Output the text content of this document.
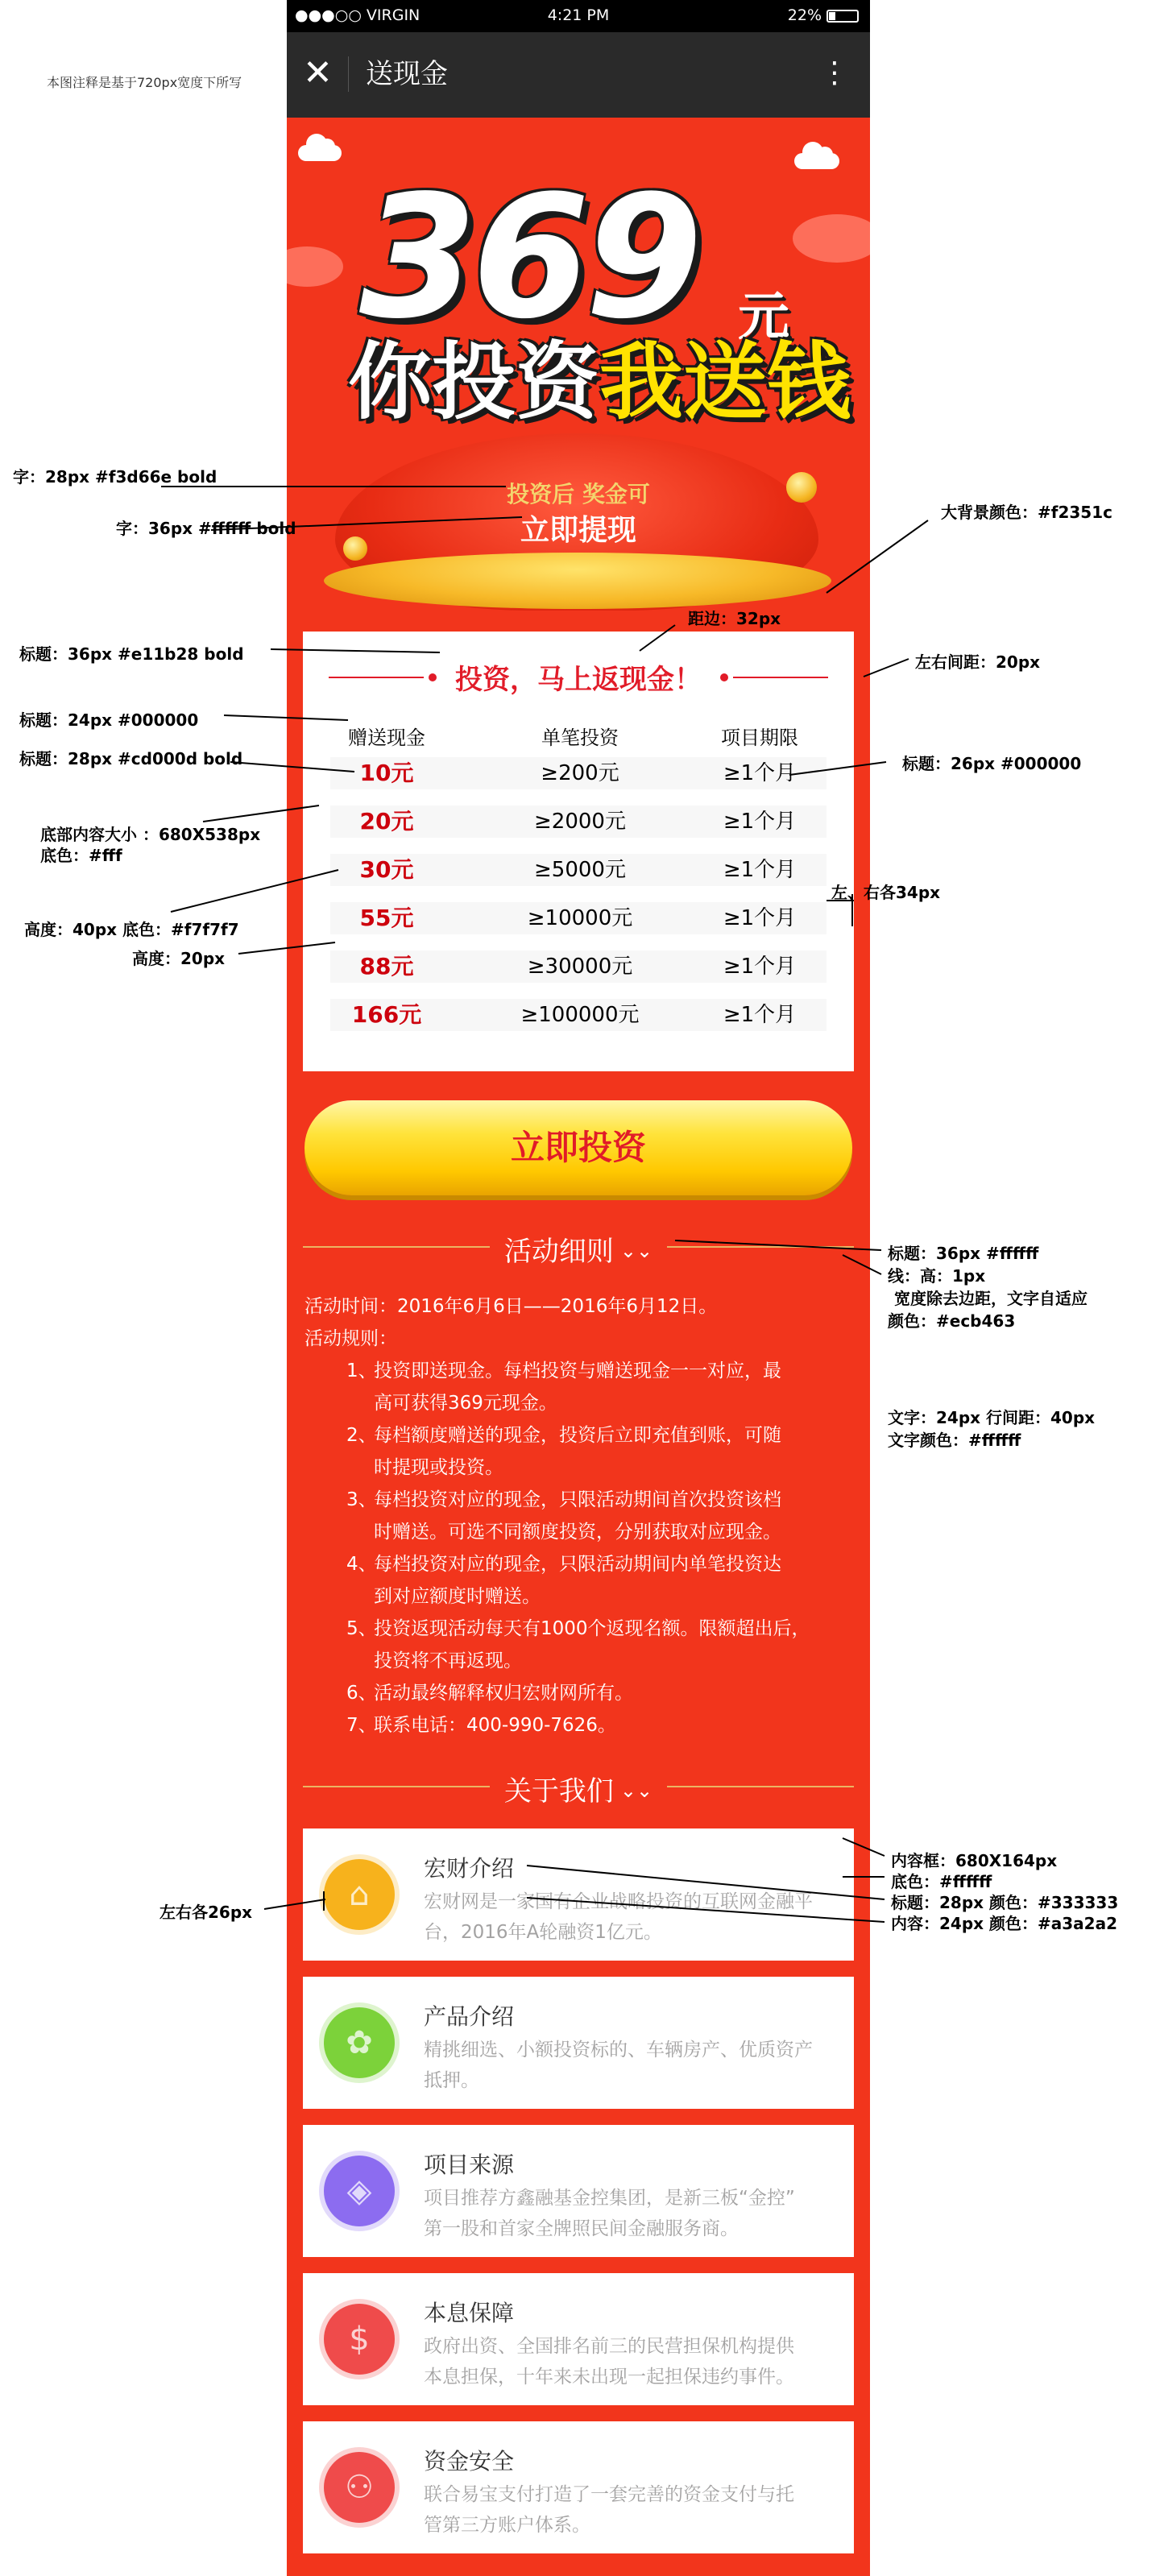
本图注释是基于720px宽度下所写
●●●○○ VIRGIN	4:21 PM	22%
✕ 送现金	⋮
369 元
你投资我送钱
投资后 奖金可
立即提现
投资，马上返现金！
赠送现金	单笔投资	项目期限
10元	≥200元	≥1个月
20元	≥2000元	≥1个月
30元	≥5000元	≥1个月
55元	≥10000元	≥1个月
88元	≥30000元	≥1个月
166元	≥100000元	≥1个月
立即投资
活动细则 ⌄⌄
活动时间：2016年6月6日——2016年6月12日。
活动规则：
1、
投资即送现金。每档投资与赠送现金一一对应，最
高可获得369元现金。
2、
每档额度赠送的现金，投资后立即充值到账，可随
时提现或投资。
3、
每档投资对应的现金，只限活动期间首次投资该档
时赠送。可选不同额度投资，分别获取对应现金。
4、
每档投资对应的现金，只限活动期间内单笔投资达
到对应额度时赠送。
5、
投资返现活动每天有1000个返现名额。限额超出后，
投资将不再返现。
6、
活动最终解释权归宏财网所有。
7、
联系电话：400-990-7626。
关于我们 ⌄⌄
⌂
宏财介绍
宏财网是一家国有企业战略投资的互联网金融平
台，2016年A轮融资1亿元。
✿
产品介绍
精挑细选、小额投资标的、车辆房产、优质资产
抵押。
◈
项目来源
项目推荐方鑫融基金控集团，是新三板“金控”
第一股和首家全牌照民间金融服务商。
$
本息保障
政府出资、全国排名前三的民营担保机构提供
本息担保，十年来未出现一起担保违约事件。
⚇
资金安全
联合易宝支付打造了一套完善的资金支付与托
管第三方账户体系。
字：28px #f3d66e bold
字：36px #ffffff bold
大背景颜色：#f2351c
距边：32px
标题：36px #e11b28 bold	左右间距：20px
标题：24px #000000
标题：28px #cd000d bold	标题：26px #000000
底部内容大小 ：680X538px
底色：#fff
左、右各34px
高度：40px 底色：#f7f7f7
高度：20px
标题：36px #ffffff
线：高：1px
宽度除去边距，文字自适应
颜色：#ecb463
文字：24px 行间距：40px
文字颜色：#ffffff
内容框：680X164px
底色：#ffffff
标题：28px 颜色：#333333
内容：24px 颜色：#a3a2a2
左右各26px
